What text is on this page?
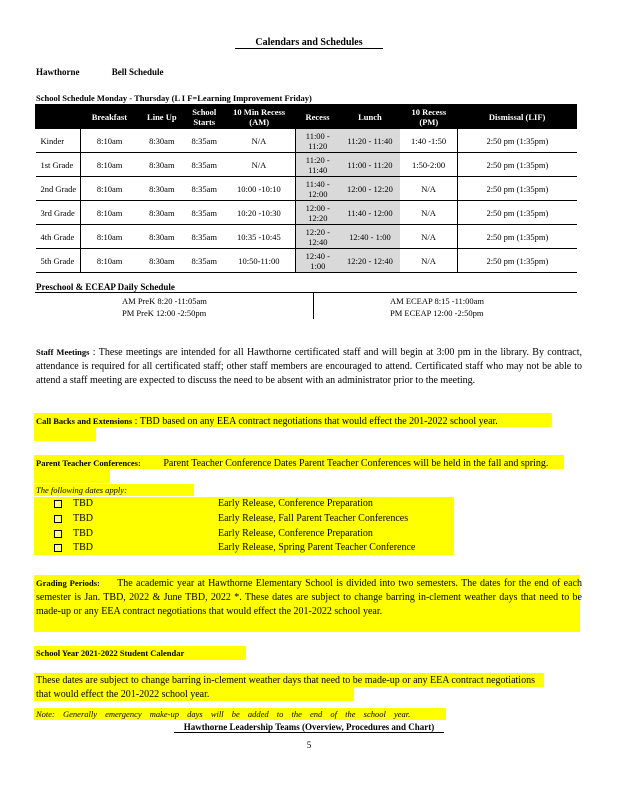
Calendars and Schedules
Hawthorne	Bell Schedule
School Schedule Monday - Thursday (L I F=Learning Improvement Friday)
	Breakfast	Line Up	School Starts	10 Min Recess (AM)	Recess	Lunch	10 Recess (PM)	Dismissal (LIF)
Kinder	8:10am	8:30am	8:35am	N/A	11:00 - 11:20	11:20 - 11:40	1:40 -1:50	2:50 pm (1:35pm)
1st Grade	8:10am	8:30am	8:35am	N/A	11:20 - 11:40	11:00 - 11:20	1:50-2:00	2:50 pm (1:35pm)
2nd Grade	8:10am	8:30am	8:35am	10:00 -10:10	11:40 - 12:00	12:00 - 12:20	N/A	2:50 pm (1:35pm)
3rd Grade	8:10am	8:30am	8:35am	10:20 -10:30	12:00 - 12:20	11:40 - 12:00	N/A	2:50 pm (1:35pm)
4th Grade	8:10am	8:30am	8:35am	10:35 -10:45	12:20 - 12:40	12:40 - 1:00	N/A	2:50 pm (1:35pm)
5th Grade	8:10am	8:30am	8:35am	10:50-11:00	12:40 - 1:00	12:20 - 12:40	N/A	2:50 pm (1:35pm)
Preschool & ECEAP Daily Schedule
AM PreK 8:20 -11:05am
PM PreK 12:00 -2:50pm
AM ECEAP 8:15 -11:00am
PM ECEAP 12:00 -2:50pm
Staff Meetings : These meetings are intended for all Hawthorne certificated staff and will begin at 3:00 pm in the library. By contract, attendance is required for all certificated staff; other staff members are encouraged to attend. Certificated staff who may not be able to attend a staff meeting are expected to discuss the need to be absent with an administrator prior to the meeting.
Call Backs and Extensions : TBD based on any EEA contract negotiations that would effect the 201-2022 school year.
Parent Teacher Conferences: Parent Teacher Conference Dates Parent Teacher Conferences will be held in the fall and spring.
The following dates apply:
TBD	Early Release, Conference Preparation
TBD	Early Release, Fall Parent Teacher Conferences
TBD	Early Release, Conference Preparation
TBD	Early Release, Spring Parent Teacher Conference
Grading Periods: The academic year at Hawthorne Elementary School is divided into two semesters. The dates for the end of each semester is Jan. TBD, 2022 & June TBD, 2022 *. These dates are subject to change barring in-clement weather days that need to be made-up or any EEA contract negotiations that would effect the 201-2022 school year.
School Year 2021-2022 Student Calendar
These dates are subject to change barring in-clement weather days that need to be made-up or any EEA contract negotiations that would effect the 201-2022 school year.
Note: Generally emergency make-up days will be added to the end of the school year.
Hawthorne Leadership Teams (Overview, Procedures and Chart)
5
